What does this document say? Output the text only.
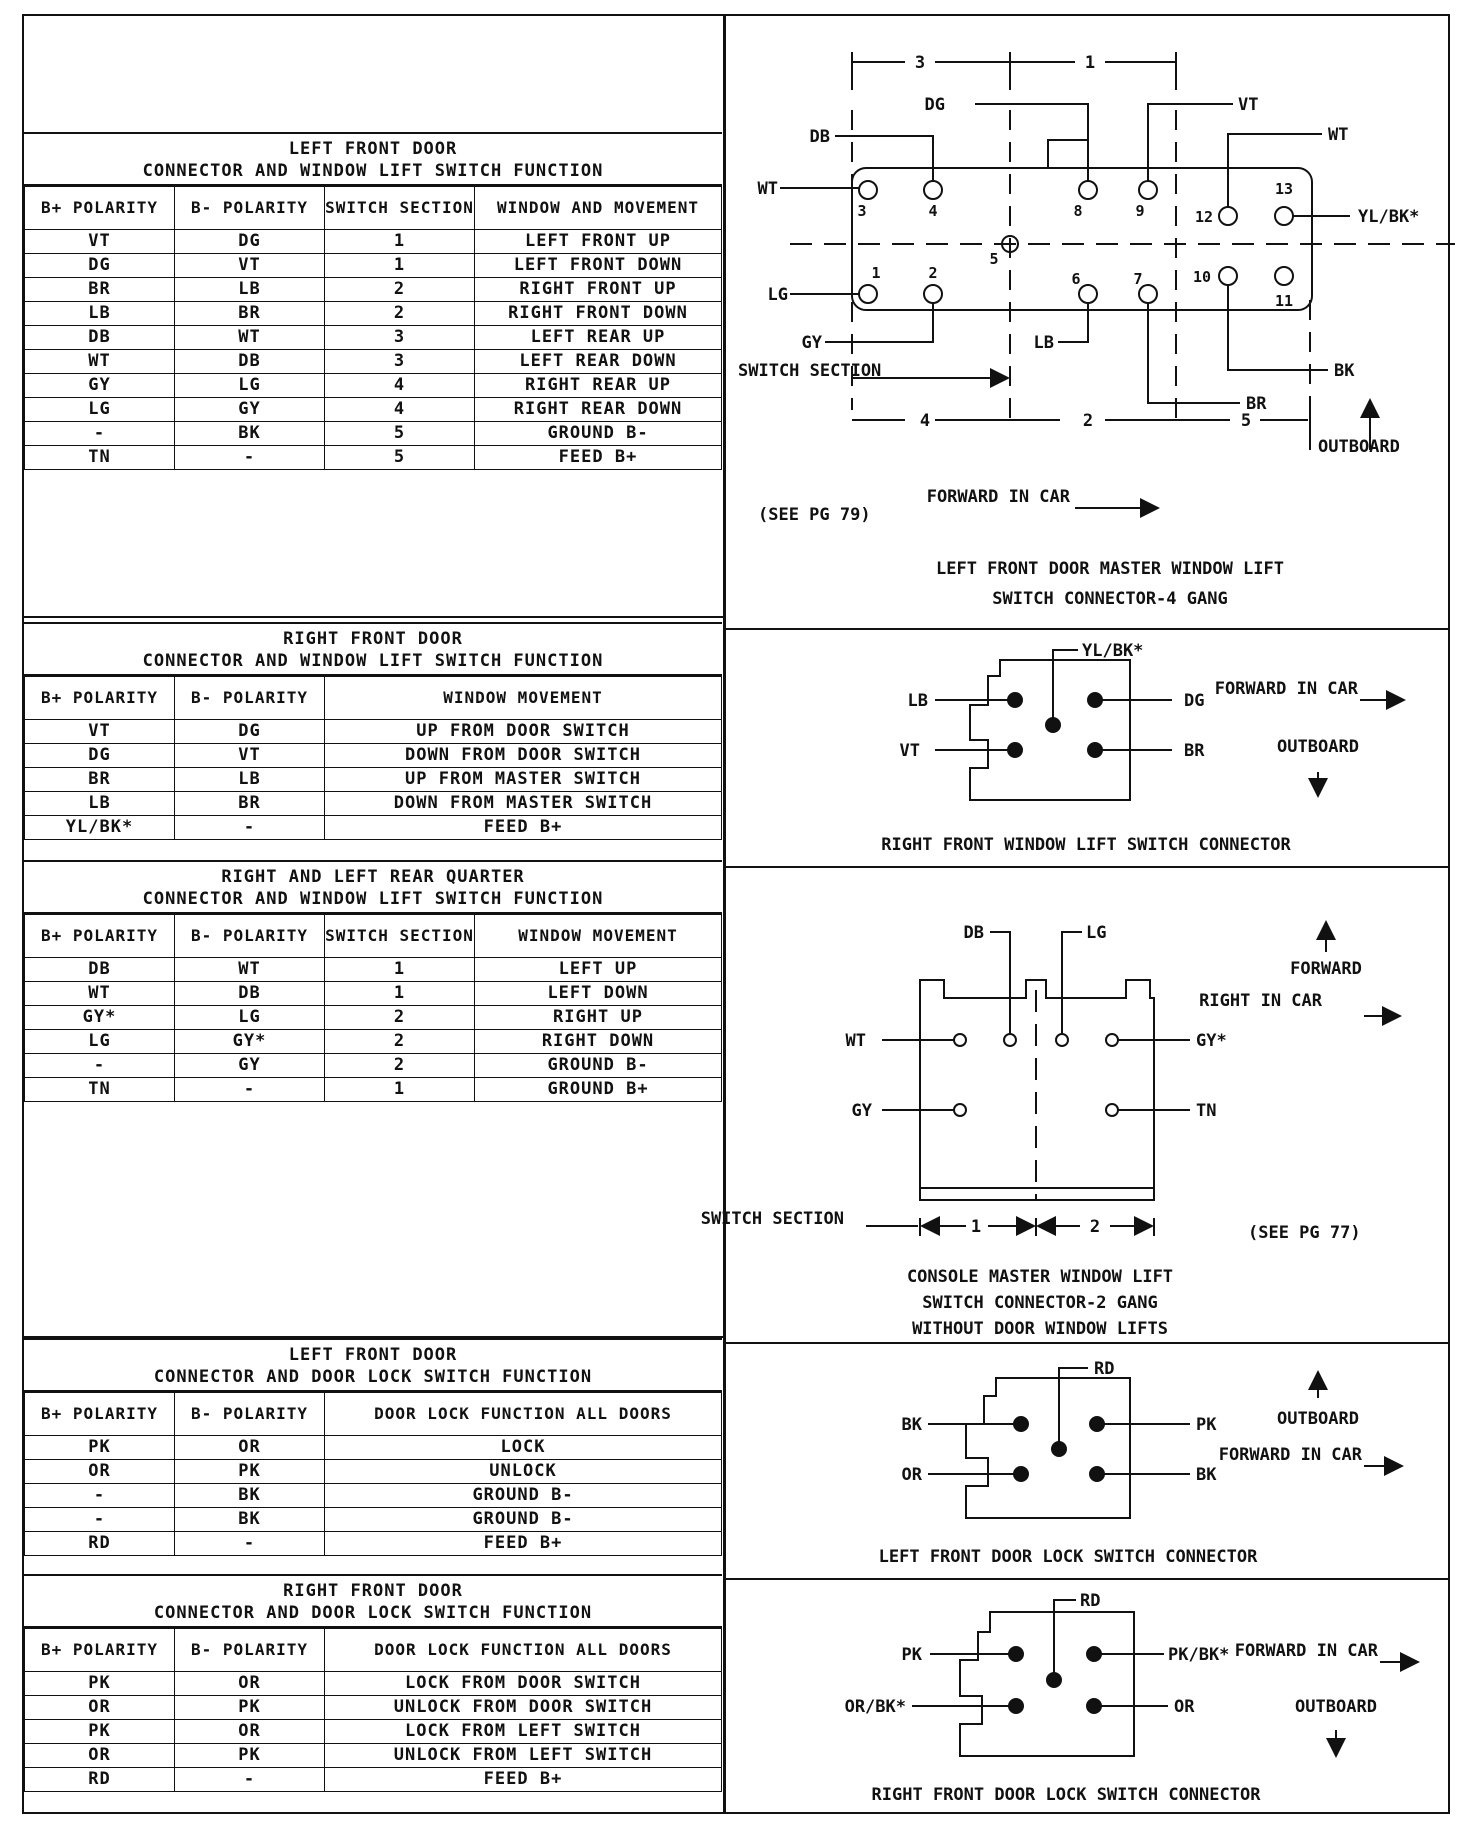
LEFT FRONT DOOR
CONNECTOR AND WINDOW LIFT SWITCH FUNCTION
B+ POLARITY	B- POLARITY	SWITCH SECTION	WINDOW AND MOVEMENT
VT	DG	1	LEFT FRONT UP
DG	VT	1	LEFT FRONT DOWN
BR	LB	2	RIGHT FRONT UP
LB	BR	2	RIGHT FRONT DOWN
DB	WT	3	LEFT REAR UP
WT	DB	3	LEFT REAR DOWN
GY	LG	4	RIGHT REAR UP
LG	GY	4	RIGHT REAR DOWN
-	BK	5	GROUND B-
TN	-	5	FEED B+
RIGHT FRONT DOOR
CONNECTOR AND WINDOW LIFT SWITCH FUNCTION
B+ POLARITY	B- POLARITY	WINDOW MOVEMENT
VT	DG	UP FROM DOOR SWITCH
DG	VT	DOWN FROM DOOR SWITCH
BR	LB	UP FROM MASTER SWITCH
LB	BR	DOWN FROM MASTER SWITCH
YL/BK*	-	FEED B+
RIGHT AND LEFT REAR QUARTER
CONNECTOR AND WINDOW LIFT SWITCH FUNCTION
B+ POLARITY	B- POLARITY	SWITCH SECTION	WINDOW MOVEMENT
DB	WT	1	LEFT UP
WT	DB	1	LEFT DOWN
GY*	LG	2	RIGHT UP
LG	GY*	2	RIGHT DOWN
-	GY	2	GROUND B-
TN	-	1	GROUND B+
LEFT FRONT DOOR
CONNECTOR AND DOOR LOCK SWITCH FUNCTION
B+ POLARITY	B- POLARITY	DOOR LOCK FUNCTION ALL DOORS
PK	OR	LOCK
OR	PK	UNLOCK
-	BK	GROUND B-
-	BK	GROUND B-
RD	-	FEED B+
RIGHT FRONT DOOR
CONNECTOR AND DOOR LOCK SWITCH FUNCTION
B+ POLARITY	B- POLARITY	DOOR LOCK FUNCTION ALL DOORS
PK	OR	LOCK FROM DOOR SWITCH
OR	PK	UNLOCK FROM DOOR SWITCH
PK	OR	LOCK FROM LEFT SWITCH
OR	PK	UNLOCK FROM LEFT SWITCH
RD	-	FEED B+
3	1
DG	VT
DB
WT
WT
YL/BK*
LG
GY	LB
BK
BR
3	4	8	9	12
13
5
1	2	6	7	10
11
SWITCH SECTION
4	2	5
OUTBOARD
(SEE PG 79)
FORWARD IN CAR
LEFT FRONT DOOR MASTER WINDOW LIFT
SWITCH CONNECTOR-4 GANG
YL/BK*
LB	DG
VT	BR
FORWARD IN CAR
OUTBOARD
RIGHT FRONT WINDOW LIFT SWITCH CONNECTOR
DB	LG
WT	GY*
GY	TN
FORWARD
RIGHT IN CAR
SWITCH SECTION	1	2	(SEE PG 77)
CONSOLE MASTER WINDOW LIFT
SWITCH CONNECTOR-2 GANG
WITHOUT DOOR WINDOW LIFTS
RD
BK	PK
OR	BK
OUTBOARD
FORWARD IN CAR
LEFT FRONT DOOR LOCK SWITCH CONNECTOR
RD
PK	PK/BK*
OR/BK*	OR
FORWARD IN CAR
OUTBOARD
RIGHT FRONT DOOR LOCK SWITCH CONNECTOR
